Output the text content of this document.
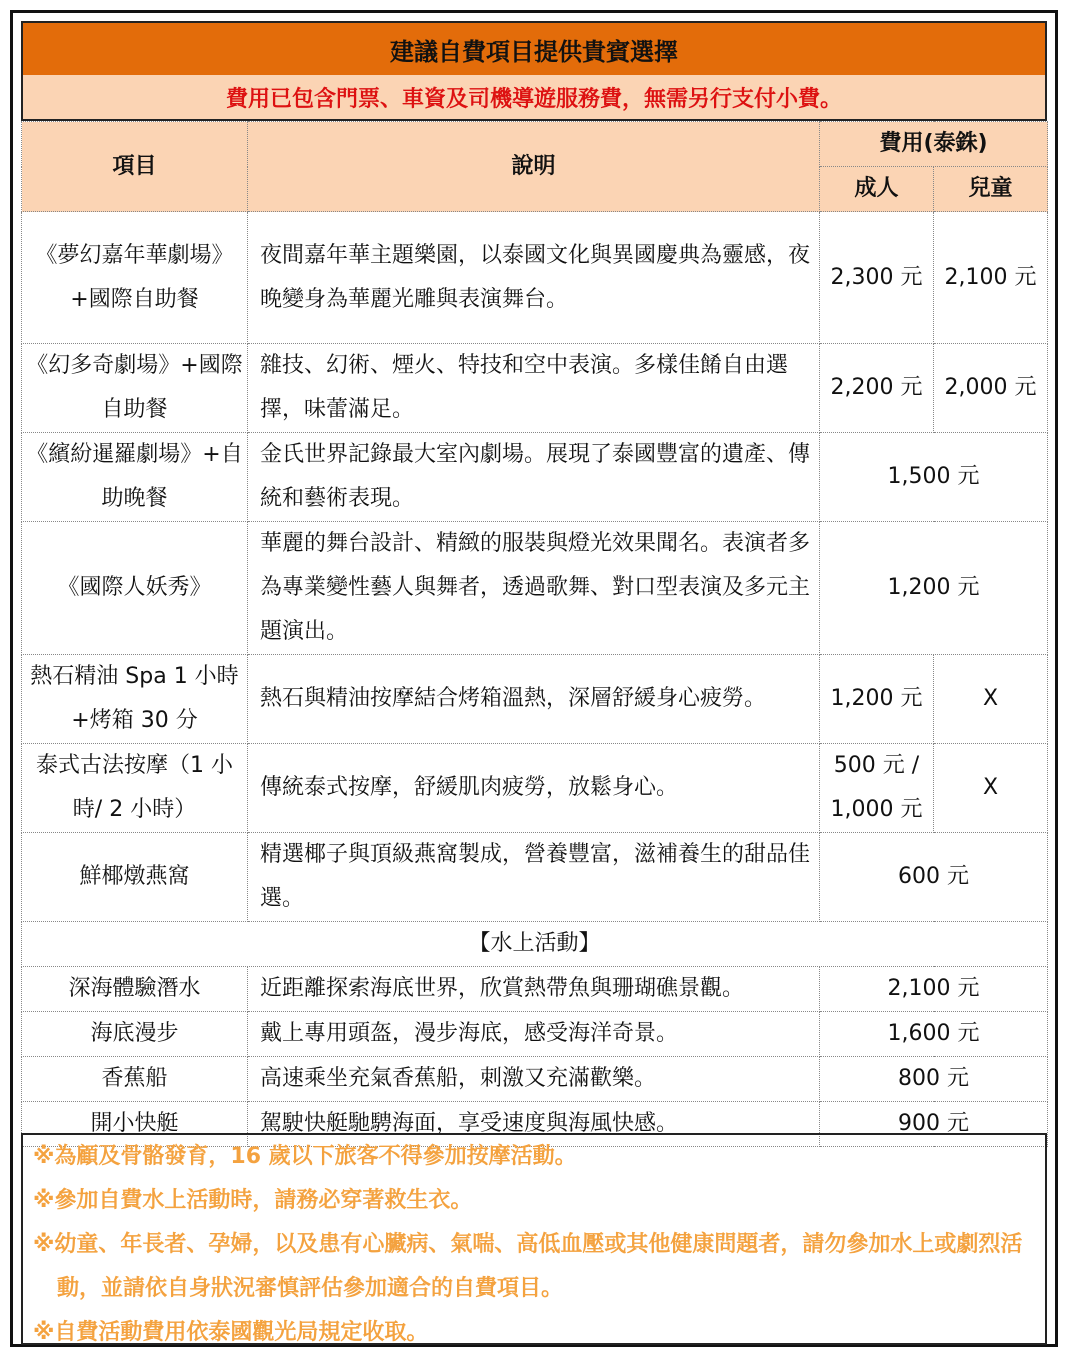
建議自費項目提供貴賓選擇
費用已包含門票、車資及司機導遊服務費，無需另行支付小費。
項目	說明	費用(泰銖)	
		成人	兒童
《夢幻嘉年華劇場》+國際自助餐	夜間嘉年華主題樂園，以泰國文化與異國慶典為靈感，夜晚變身為華麗光雕與表演舞台。	2,300 元	2,100 元
《幻多奇劇場》+國際自助餐	雜技、幻術、煙火、特技和空中表演。多樣佳餚自由選擇，味蕾滿足。	2,200 元	2,000 元
《繽紛暹羅劇場》+自助晚餐	金氏世界記錄最大室內劇場。展現了泰國豐富的遺產、傳統和藝術表現。	1,500 元	
《國際人妖秀》	華麗的舞台設計、精緻的服裝與燈光效果聞名。表演者多為專業變性藝人與舞者，透過歌舞、對口型表演及多元主題演出。	1,200 元	
熱石精油 Spa 1 小時+烤箱 30 分	熱石與精油按摩結合烤箱溫熱，深層舒緩身心疲勞。	1,200 元	X
泰式古法按摩（1 小時/ 2 小時）	傳統泰式按摩，舒緩肌肉疲勞，放鬆身心。	500 元 / 1,000 元	X
鮮椰燉燕窩	精選椰子與頂級燕窩製成，營養豐富，滋補養生的甜品佳選。	600 元	
【水上活動】			
深海體驗潛水	近距離探索海底世界，欣賞熱帶魚與珊瑚礁景觀。	2,100 元	
海底漫步	戴上專用頭盔，漫步海底，感受海洋奇景。	1,600 元	
香蕉船	高速乘坐充氣香蕉船，刺激又充滿歡樂。	800 元	
開小快艇	駕駛快艇馳騁海面，享受速度與海風快感。	900 元	
※為顧及骨骼發育，16 歲以下旅客不得參加按摩活動。
※參加自費水上活動時，請務必穿著救生衣。
※幼童、年長者、孕婦，以及患有心臟病、氣喘、高低血壓或其他健康問題者，請勿參加水上或劇烈活動，並請依自身狀況審慎評估參加適合的自費項目。
※自費活動費用依泰國觀光局規定收取。
